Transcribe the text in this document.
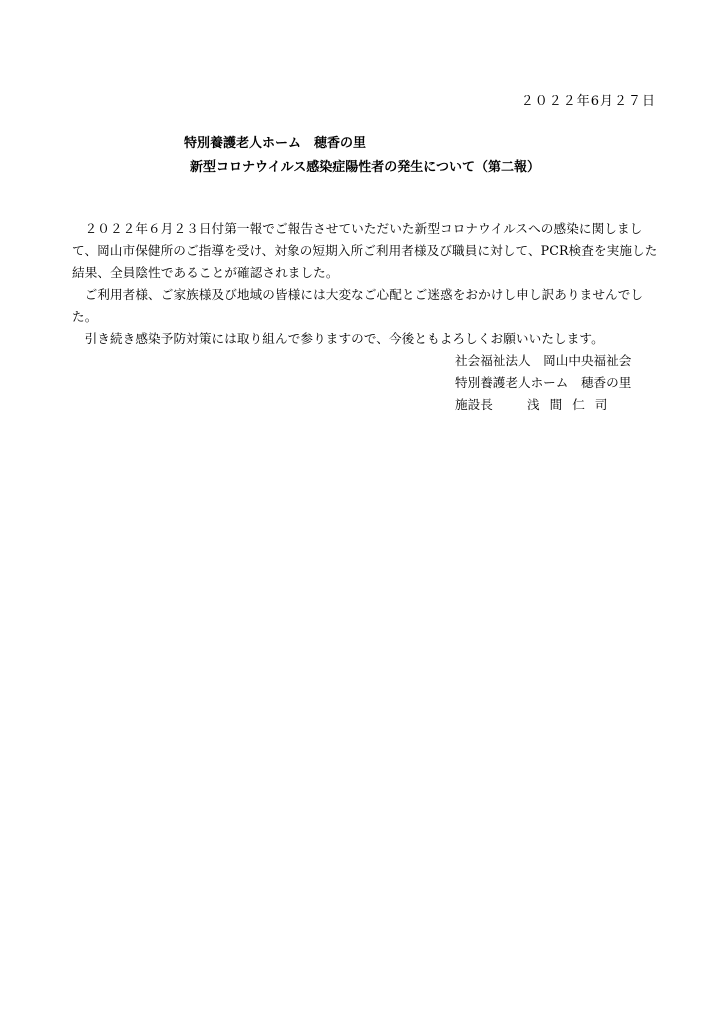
２０２２年6月２７日
特別養護老人ホーム　穂香の里
新型コロナウイルス感染症陽性者の発生について（第二報）

２０２２年６月２３日付第一報でご報告させていただいた新型コロナウイルスへの感染に関しまして、岡山市保健所のご指導を受け、対象の短期入所ご利用者様及び職員に対して、PCR検査を実施した結果、全員陰性であることが確認されました。

ご利用者様、ご家族様及び地域の皆様には大変なご心配とご迷惑をおかけし申し訳ありませんでした。

引き続き感染予防対策には取り組んで参りますので、今後ともよろしくお願いいたします。

社会福祉法人　岡山中央福祉会
特別養護老人ホーム　穂香の里
施設長	浅間仁司
